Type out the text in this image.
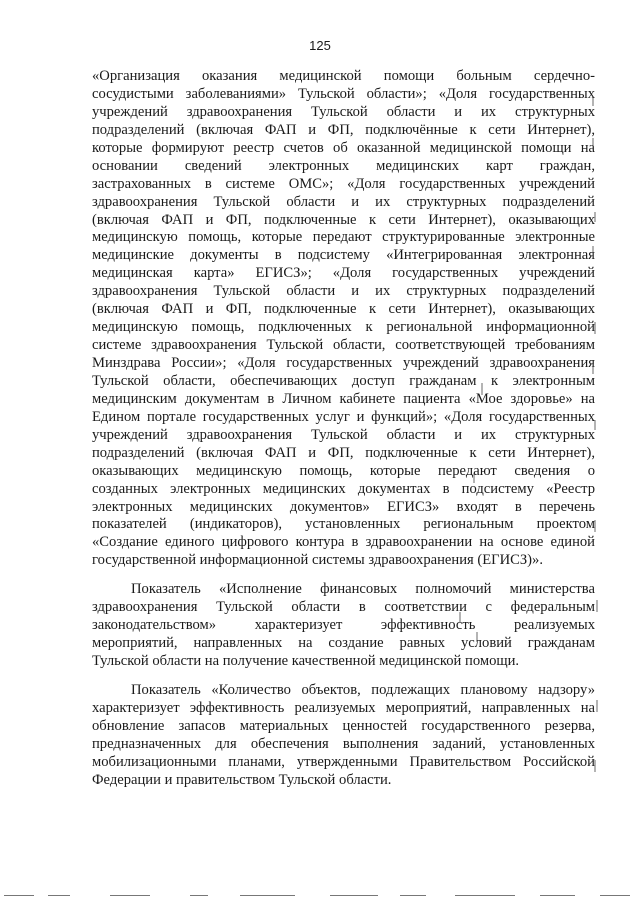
125
«Организация оказания медицинской помощи больным сердечно-
сосудистыми заболеваниями» Тульской области»; «Доля государственных
учреждений здравоохранения Тульской области и их структурных
подразделений (включая ФАП и ФП, подключённые к сети Интернет),
которые формируют реестр счетов об оказанной медицинской помощи на
основании сведений электронных медицинских карт граждан,
застрахованных в системе ОМС»; «Доля государственных учреждений
здравоохранения Тульской области и их структурных подразделений
(включая ФАП и ФП, подключенные к сети Интернет), оказывающих
медицинскую помощь, которые передают структурированные электронные
медицинские документы в подсистему «Интегрированная электронная
медицинская карта» ЕГИСЗ»; «Доля государственных учреждений
здравоохранения Тульской области и их структурных подразделений
(включая ФАП и ФП, подключенные к сети Интернет), оказывающих
медицинскую помощь, подключенных к региональной информационной
системе здравоохранения Тульской области, соответствующей требованиям
Минздрава России»; «Доля государственных учреждений здравоохранения
Тульской области, обеспечивающих доступ гражданам к электронным
медицинским документам в Личном кабинете пациента «Мое здоровье» на
Едином портале государственных услуг и функций»; «Доля государственных
учреждений здравоохранения Тульской области и их структурных
подразделений (включая ФАП и ФП, подключенные к сети Интернет),
оказывающих медицинскую помощь, которые передают сведения о
созданных электронных медицинских документах в подсистему «Реестр
электронных медицинских документов» ЕГИСЗ» входят в перечень
показателей (индикаторов), установленных региональным проектом
«Создание единого цифрового контура в здравоохранении на основе единой
государственной информационной системы здравоохранения (ЕГИСЗ)».
Показатель «Исполнение финансовых полномочий министерства
здравоохранения Тульской области в соответствии с федеральным
законодательством» характеризует эффективность реализуемых
мероприятий, направленных на создание равных условий гражданам
Тульской области на получение качественной медицинской помощи.
Показатель «Количество объектов, подлежащих плановому надзору»
характеризует эффективность реализуемых мероприятий, направленных на
обновление запасов материальных ценностей государственного резерва,
предназначенных для обеспечения выполнения заданий, установленных
мобилизационными планами, утвержденными Правительством Российской
Федерации и правительством Тульской области.
